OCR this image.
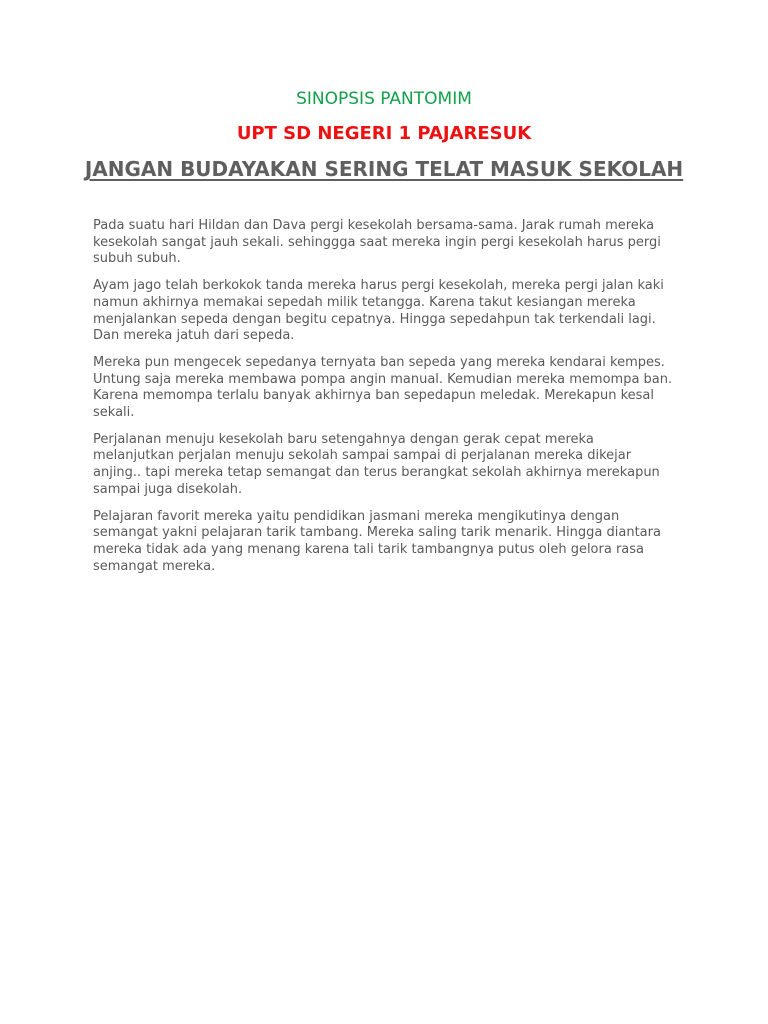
SINOPSIS PANTOMIM
UPT SD NEGERI 1 PAJARESUK
JANGAN BUDAYAKAN SERING TELAT MASUK SEKOLAH

Pada suatu hari Hildan dan Dava pergi kesekolah bersama-sama. Jarak rumah mereka kesekolah sangat jauh sekali. sehinggga saat mereka ingin pergi kesekolah harus pergi subuh subuh.

Ayam jago telah berkokok tanda mereka harus pergi kesekolah, mereka pergi jalan kaki namun akhirnya memakai sepedah milik tetangga. Karena takut kesiangan mereka menjalankan sepeda dengan begitu cepatnya. Hingga sepedahpun tak terkendali lagi. Dan mereka jatuh dari sepeda.

Mereka pun mengecek sepedanya ternyata ban sepeda yang mereka kendarai kempes. Untung saja mereka membawa pompa angin manual. Kemudian mereka memompa ban. Karena memompa terlalu banyak akhirnya ban sepedapun meledak. Merekapun kesal sekali.

Perjalanan menuju kesekolah baru setengahnya dengan gerak cepat mereka melanjutkan perjalan menuju sekolah sampai sampai di perjalanan mereka dikejar anjing.. tapi mereka tetap semangat dan terus berangkat sekolah akhirnya merekapun sampai juga disekolah.

Pelajaran favorit mereka yaitu pendidikan jasmani mereka mengikutinya dengan semangat yakni pelajaran tarik tambang. Mereka saling tarik menarik. Hingga diantara mereka tidak ada yang menang karena tali tarik tambangnya putus oleh gelora rasa semangat mereka.
